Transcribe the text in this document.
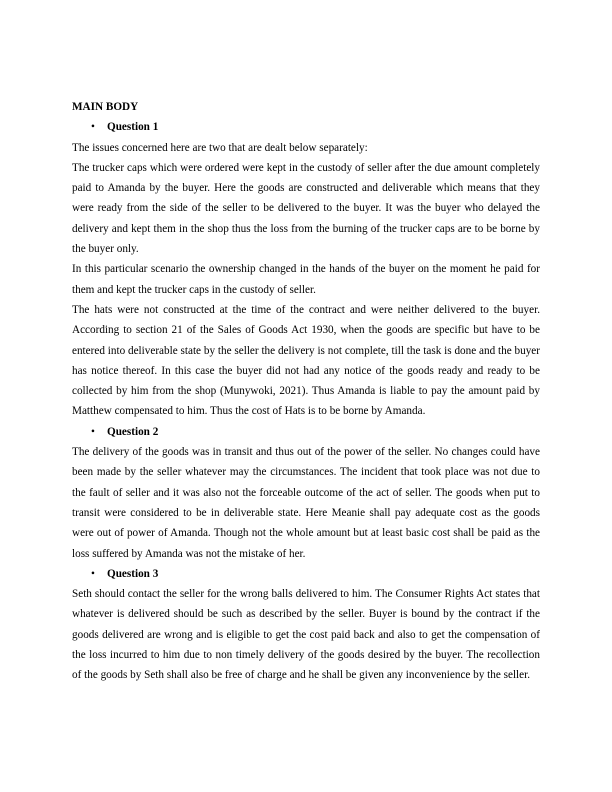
MAIN BODY

• Question 1

The issues concerned here are two that are dealt below separately:

The trucker caps which were ordered were kept in the custody of seller after the due amount completely paid to Amanda by the buyer. Here the goods are constructed and deliverable which means that they were ready from the side of the seller to be delivered to the buyer. It was the buyer who delayed the delivery and kept them in the shop thus the loss from the burning of the trucker caps are to be borne by the buyer only.

In this particular scenario the ownership changed in the hands of the buyer on the moment he paid for them and kept the trucker caps in the custody of seller.

The hats were not constructed at the time of the contract and were neither delivered to the buyer. According to section 21 of the Sales of Goods Act 1930, when the goods are specific but have to be entered into deliverable state by the seller the delivery is not complete, till the task is done and the buyer has notice thereof. In this case the buyer did not had any notice of the goods ready and ready to be collected by him from the shop (Munywoki, 2021). Thus Amanda is liable to pay the amount paid by Matthew compensated to him. Thus the cost of Hats is to be borne by Amanda.

• Question 2

The delivery of the goods was in transit and thus out of the power of the seller. No changes could have been made by the seller whatever may the circumstances. The incident that took place was not due to the fault of seller and it was also not the forceable outcome of the act of seller. The goods when put to transit were considered to be in deliverable state. Here Meanie shall pay adequate cost as the goods were out of power of Amanda. Though not the whole amount but at least basic cost shall be paid as the loss suffered by Amanda was not the mistake of her.

• Question 3

Seth should contact the seller for the wrong balls delivered to him. The Consumer Rights Act states that whatever is delivered should be such as described by the seller. Buyer is bound by the contract if the goods delivered are wrong and is eligible to get the cost paid back and also to get the compensation of the loss incurred to him due to non timely delivery of the goods desired by the buyer. The recollection of the goods by Seth shall also be free of charge and he shall be given any inconvenience by the seller.
